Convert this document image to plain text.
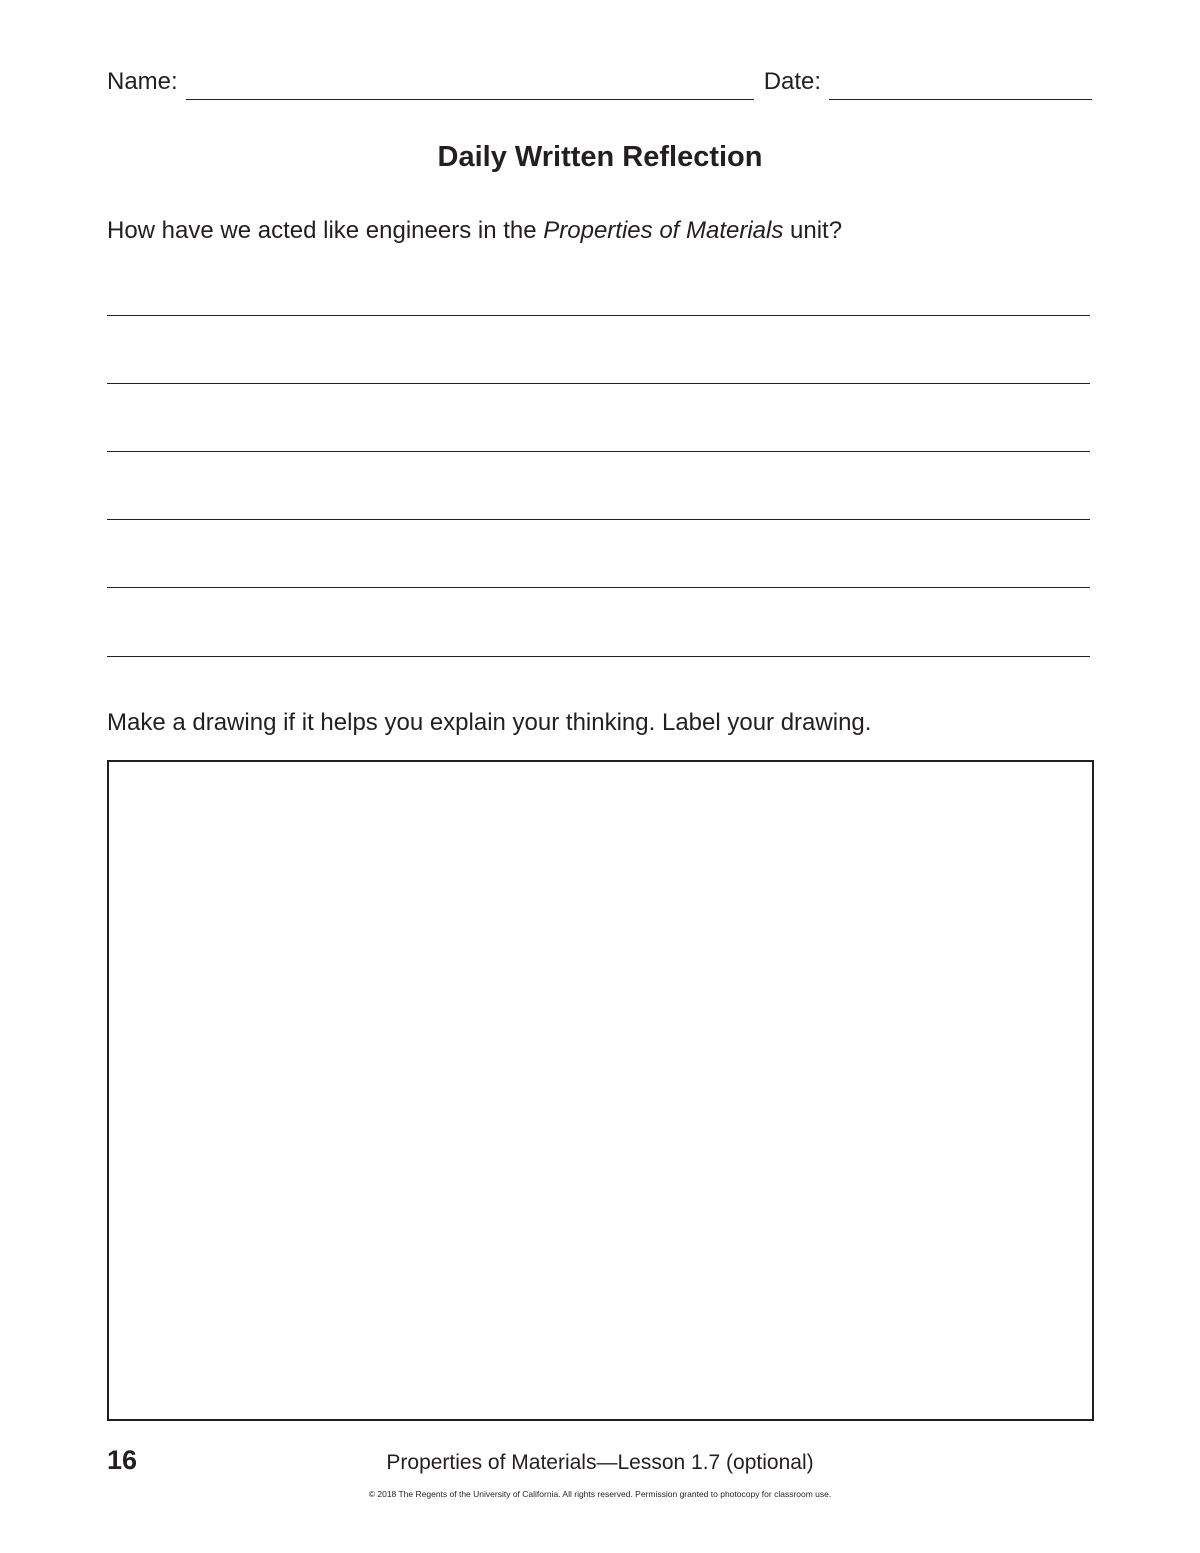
Name:	Date:
Daily Written Reflection
How have we acted like engineers in the Properties of Materials unit?
Make a drawing if it helps you explain your thinking. Label your drawing.
16	Properties of Materials—Lesson 1.7 (optional)
© 2018 The Regents of the University of California. All rights reserved. Permission granted to photocopy for classroom use.
